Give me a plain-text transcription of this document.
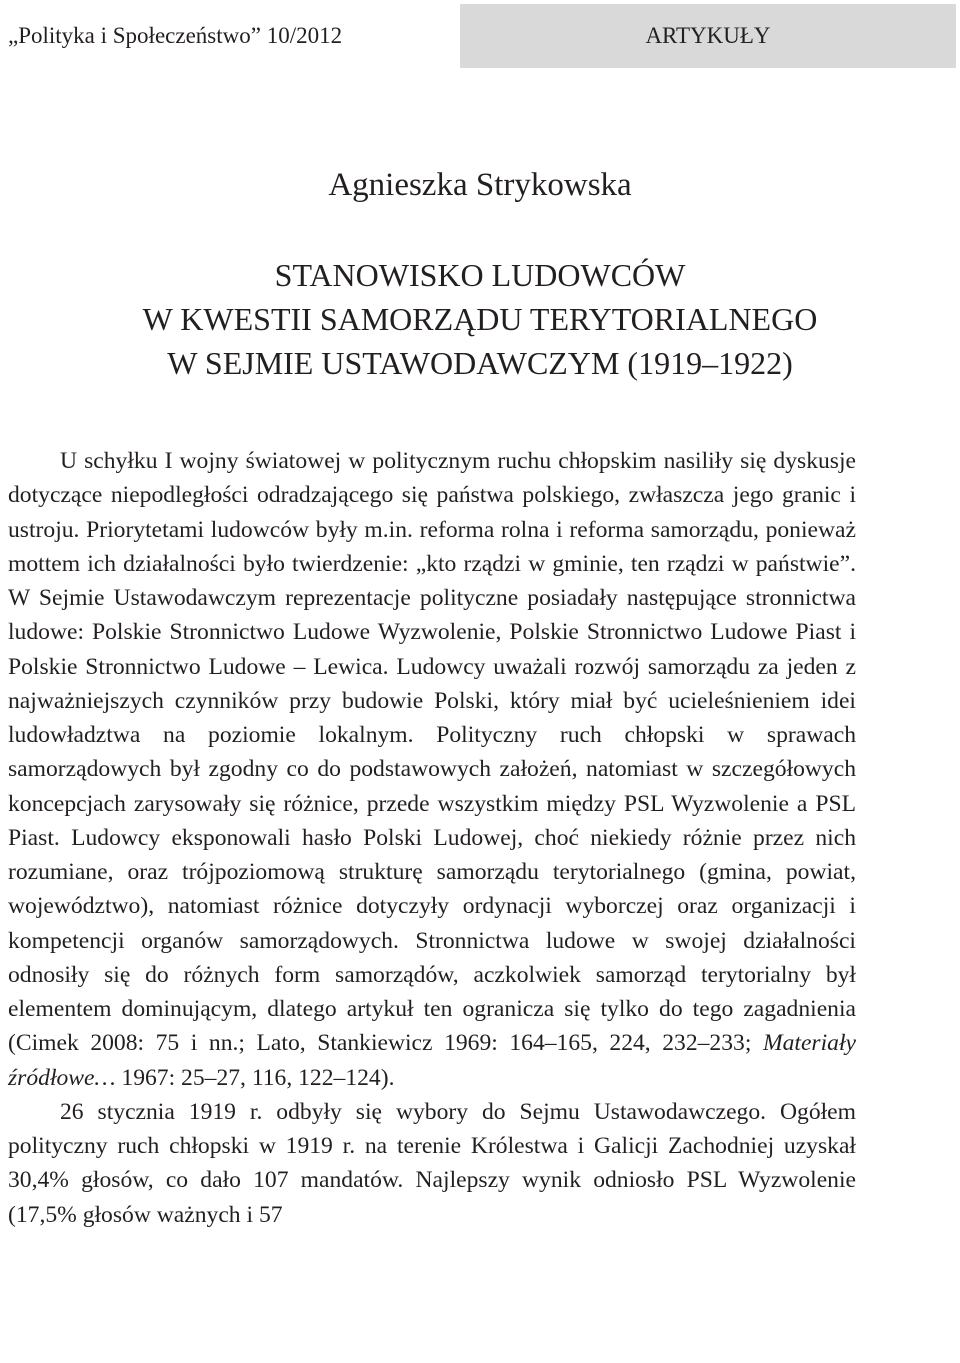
„Polityka i Społeczeństwo” 10/2012	ARTYKUŁY
Agnieszka Strykowska
STANOWISKO LUDOWCÓW
W KWESTII SAMORZĄDU TERYTORIALNEGO
W SEJMIE USTAWODAWCZYM (1919–1922)

U schyłku I wojny światowej w politycznym ruchu chłopskim nasiliły się dyskusje dotyczące niepodległości odradzającego się państwa polskiego, zwłaszcza jego granic i ustroju. Priorytetami ludowców były m.in. reforma rolna i reforma samorządu, ponieważ mottem ich działalności było twierdzenie: „kto rządzi w gminie, ten rządzi w państwie”. W Sejmie Ustawodawczym reprezentacje polityczne posiadały następujące stronnictwa ludowe: Polskie Stronnictwo Ludowe Wyzwolenie, Polskie Stronnictwo Ludowe Piast i Polskie Stronnictwo Ludowe – Lewica. Ludowcy uważali rozwój samorządu za jeden z najważniejszych czynników przy budowie Polski, który miał być ucieleśnieniem idei ludowładztwa na poziomie lokalnym. Polityczny ruch chłopski w sprawach samorządowych był zgodny co do podstawowych założeń, natomiast w szczegółowych koncepcjach zarysowały się różnice, przede wszystkim między PSL Wyzwolenie a PSL Piast. Ludowcy eksponowali hasło Polski Ludowej, choć niekiedy różnie przez nich rozumiane, oraz trójpoziomową strukturę samorządu terytorialnego (gmina, powiat, województwo), natomiast różnice dotyczyły ordynacji wyborczej oraz organizacji i kompetencji organów samorządowych. Stronnictwa ludowe w swojej działalności odnosiły się do różnych form samorządów, aczkolwiek samorząd terytorialny był elementem dominującym, dlatego artykuł ten ogranicza się tylko do tego zagadnienia (Cimek 2008: 75 i nn.; Lato, Stankiewicz 1969: 164–165, 224, 232–233; Materiały źródłowe… 1967: 25–27, 116, 122–124).

26 stycznia 1919 r. odbyły się wybory do Sejmu Ustawodawczego. Ogółem polityczny ruch chłopski w 1919 r. na terenie Królestwa i Galicji Zachodniej uzyskał 30,4% głosów, co dało 107 mandatów. Najlepszy wynik odniosło PSL Wyzwolenie (17,5% głosów ważnych i 57
